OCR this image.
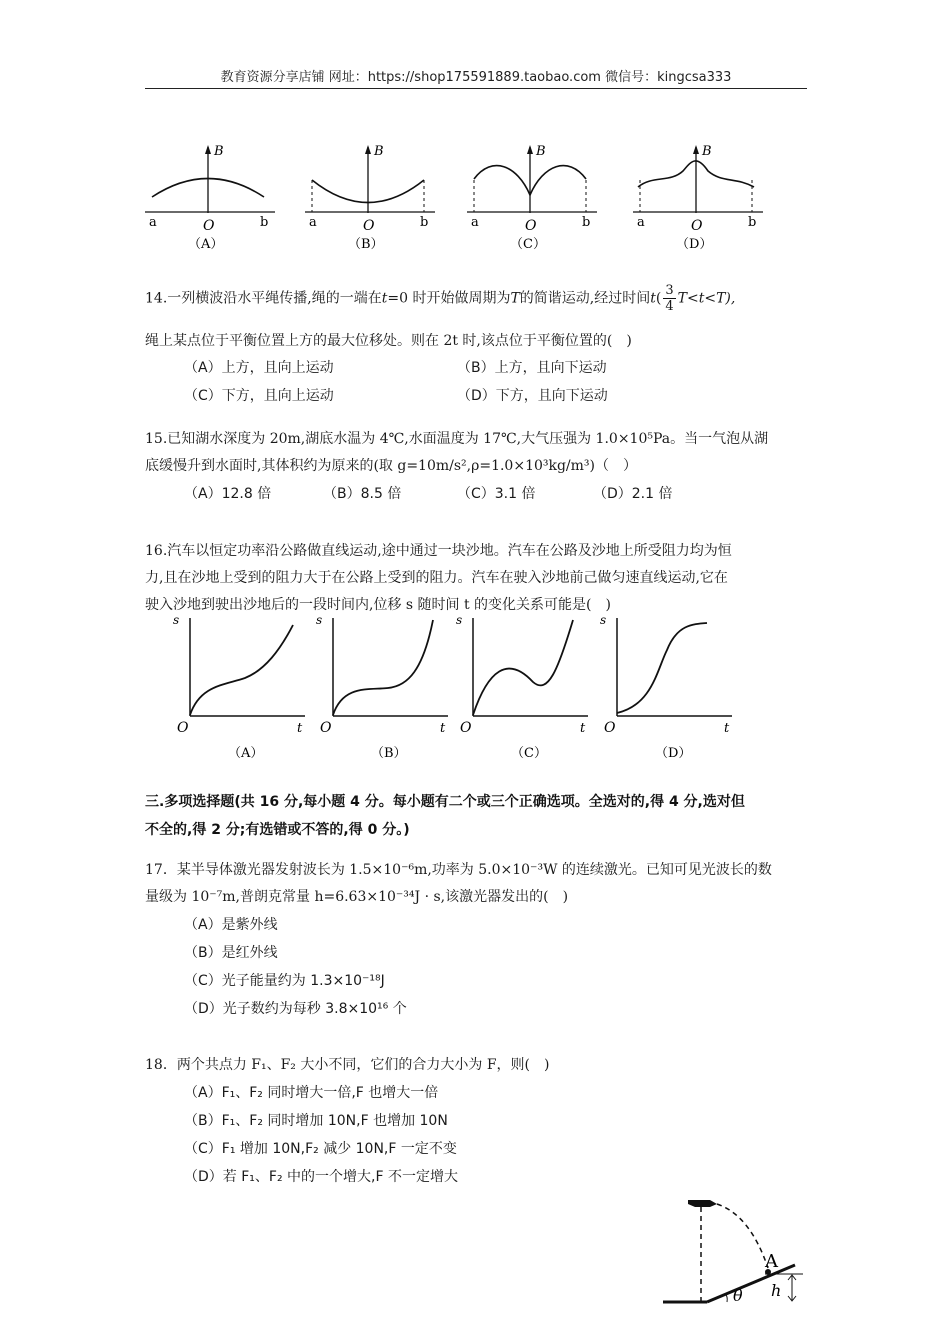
教育资源分享店铺 网址：https://shop175591889.taobao.com 微信号：kingcsa333
B
a	O	b
（A）
B
a	O	b
（B）
B
a	O	b
（C）
B
a	O	b
（D）
14.一列横波沿水平绳传播,绳的一端在t=0 时开始做周期为T的简谐运动,经过时间$t( \frac{3}{4} T<t<T)$,
绳上某点位于平衡位置上方的最大位移处。则在 2t 时,该点位于平衡位置的(　)
（A）上方，且向上运动	（B）上方，且向下运动
（C）下方，且向上运动	（D）下方，且向下运动
15.已知湖水深度为 20m,湖底水温为 4℃,水面温度为 17℃,大气压强为 1.0×10⁵Pa。当一气泡从湖
底缓慢升到水面时,其体积约为原来的(取 g=10m/s²,ρ=1.0×10³kg/m³)（　）
（A）12.8 倍	（B）8.5 倍	（C）3.1 倍	（D）2.1 倍
16.汽车以恒定功率沿公路做直线运动,途中通过一块沙地。汽车在公路及沙地上所受阻力均为恒
力,且在沙地上受到的阻力大于在公路上受到的阻力。汽车在驶入沙地前己做匀速直线运动,它在
驶入沙地到驶出沙地后的一段时间内,位移 s 随时间 t 的变化关系可能是(　)
s
O	t
（A）
s
O	t
（B）
s
O	t
（C）
s
O	t
（D）
三.多项选择题(共 16 分,每小题 4 分。每小题有二个或三个正确选项。全选对的,得 4 分,选对但
不全的,得 2 分;有选错或不答的,得 0 分。)
17．某半导体激光器发射波长为 1.5×10⁻⁶m,功率为 5.0×10⁻³W 的连续激光。已知可见光波长的数
量级为 10⁻⁷m,普朗克常量 h=6.63×10⁻³⁴J · s,该激光器发出的(　)
（A）是紫外线
（B）是红外线
（C）光子能量约为 1.3×10⁻¹⁸J
（D）光子数约为每秒 3.8×10¹⁶ 个
18．两个共点力 F₁、F₂ 大小不同，它们的合力大小为 F，则(　)
（A）F₁、F₂ 同时增大一倍,F 也增大一倍
（B）F₁、F₂ 同时增加 10N,F 也增加 10N
（C）F₁ 增加 10N,F₂ 减少 10N,F 一定不变
（D）若 F₁、F₂ 中的一个增大,F 不一定增大
A
θ h
